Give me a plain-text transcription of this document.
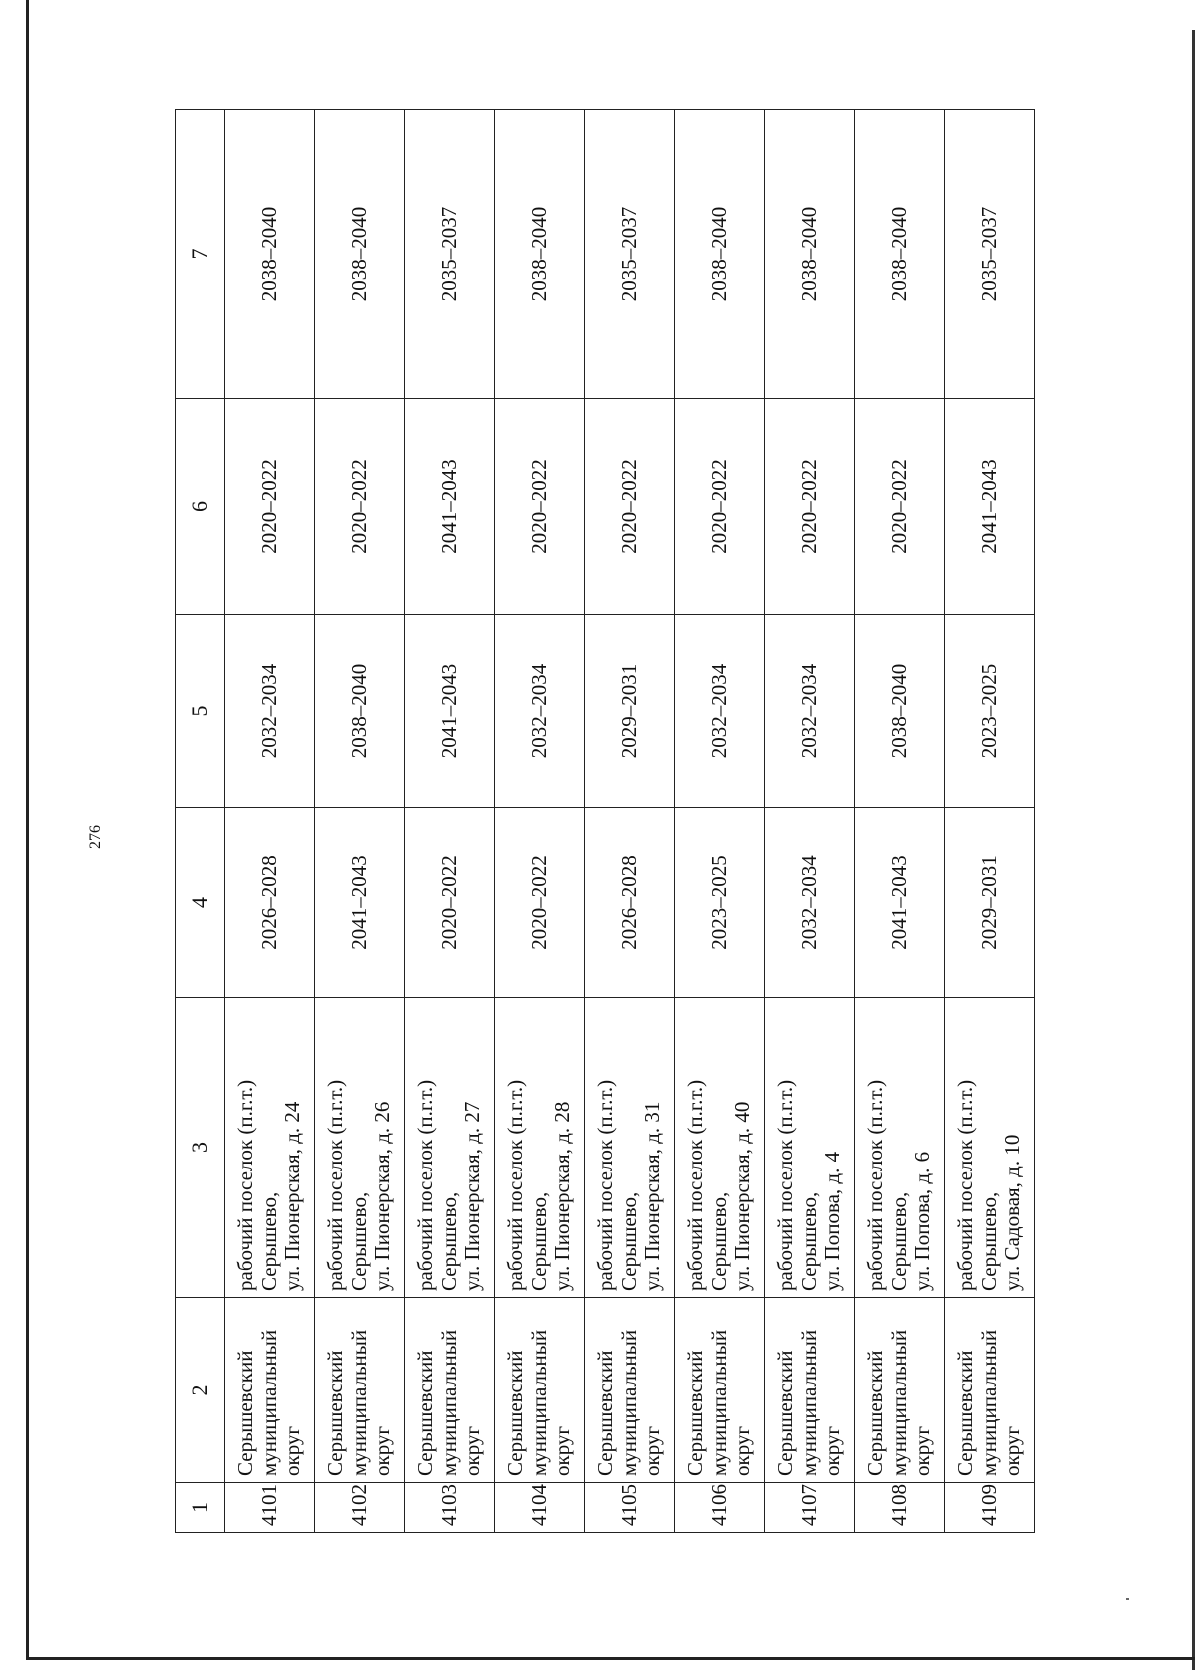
276
1	2	3	4	5	6	7
4101	Серышевский муниципальный округ	рабочий поселок (п.г.т.) Серышево, ул. Пионерская, д. 24	2026–2028	2032–2034	2020–2022	2038–2040
4102	Серышевский муниципальный округ	рабочий поселок (п.г.т.) Серышево, ул. Пионерская, д. 26	2041–2043	2038–2040	2020–2022	2038–2040
4103	Серышевский муниципальный округ	рабочий поселок (п.г.т.) Серышево, ул. Пионерская, д. 27	2020–2022	2041–2043	2041–2043	2035–2037
4104	Серышевский муниципальный округ	рабочий поселок (п.г.т.) Серышево, ул. Пионерская, д. 28	2020–2022	2032–2034	2020–2022	2038–2040
4105	Серышевский муниципальный округ	рабочий поселок (п.г.т.) Серышево, ул. Пионерская, д. 31	2026–2028	2029–2031	2020–2022	2035–2037
4106	Серышевский муниципальный округ	рабочий поселок (п.г.т.) Серышево, ул. Пионерская, д. 40	2023–2025	2032–2034	2020–2022	2038–2040
4107	Серышевский муниципальный округ	рабочий поселок (п.г.т.) Серышево, ул. Попова, д. 4	2032–2034	2032–2034	2020–2022	2038–2040
4108	Серышевский муниципальный округ	рабочий поселок (п.г.т.) Серышево, ул. Попова, д. 6	2041–2043	2038–2040	2020–2022	2038–2040
4109	Серышевский муниципальный округ	рабочий поселок (п.г.т.) Серышево, ул. Садовая, д. 10	2029–2031	2023–2025	2041–2043	2035–2037
